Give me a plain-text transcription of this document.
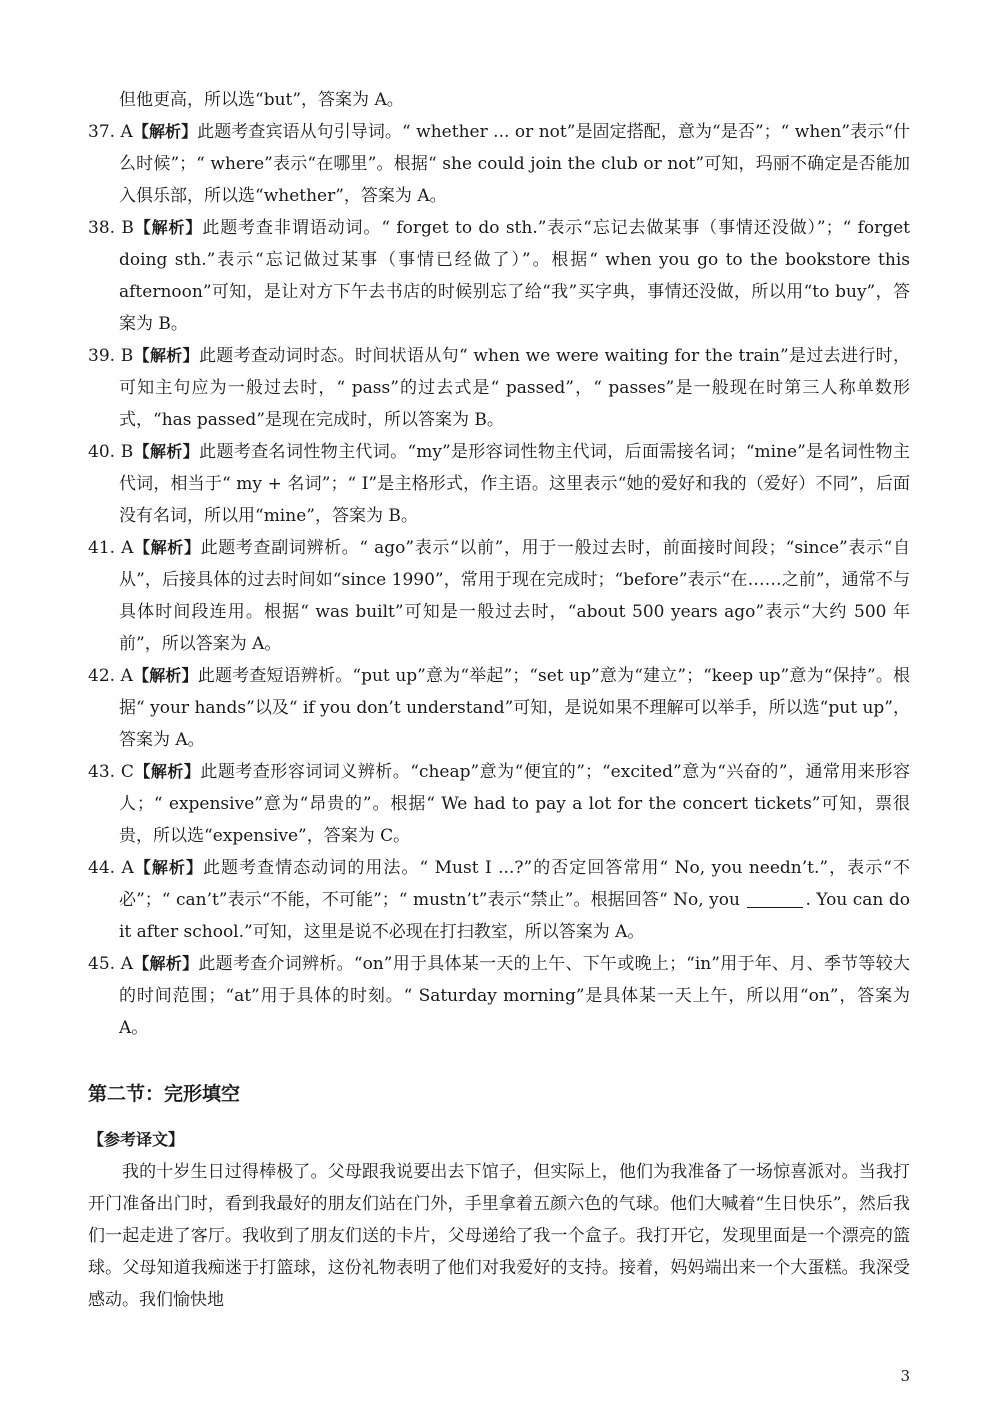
但他更高，所以选“but”，答案为 A。

37. A【解析】此题考查宾语从句引导词。“ whether ... or not”是固定搭配，意为“是否”；“ when”表示“什么时候”；“ where”表示“在哪里”。根据“ she could join the club or not”可知，玛丽不确定是否能加入俱乐部，所以选“whether”，答案为 A。

38. B【解析】此题考查非谓语动词。“ forget to do sth.”表示“忘记去做某事（事情还没做）”；“ forget doing sth.”表示“忘记做过某事（事情已经做了）”。根据“ when you go to the bookstore this afternoon”可知，是让对方下午去书店的时候别忘了给“我”买字典，事情还没做，所以用“to buy”，答案为 B。

39. B【解析】此题考查动词时态。时间状语从句“ when we were waiting for the train”是过去进行时，可知主句应为一般过去时，“ pass”的过去式是“ passed”，“ passes”是一般现在时第三人称单数形式，“has passed”是现在完成时，所以答案为 B。

40. B【解析】此题考查名词性物主代词。“my”是形容词性物主代词，后面需接名词；“mine”是名词性物主代词，相当于“ my + 名词”；“ I”是主格形式，作主语。这里表示“她的爱好和我的（爱好）不同”，后面没有名词，所以用“mine”，答案为 B。

41. A【解析】此题考查副词辨析。“ ago”表示“以前”，用于一般过去时，前面接时间段；“since”表示“自从”，后接具体的过去时间如“since 1990”，常用于现在完成时；“before”表示“在……之前”，通常不与具体时间段连用。根据“ was built”可知是一般过去时，“about 500 years ago”表示“大约 500 年前”，所以答案为 A。

42. A【解析】此题考查短语辨析。“put up”意为“举起”；“set up”意为“建立”；“keep up”意为“保持”。根据“ your hands”以及“ if you don’t understand”可知，是说如果不理解可以举手，所以选“put up”，答案为 A。

43. C【解析】此题考查形容词词义辨析。“cheap”意为“便宜的”；“excited”意为“兴奋的”，通常用来形容人；“ expensive”意为“昂贵的”。根据“ We had to pay a lot for the concert tickets”可知，票很贵，所以选“expensive”，答案为 C。

44. A【解析】此题考查情态动词的用法。“ Must I ...?”的否定回答常用“ No, you needn’t.”，表示“不必”；“ can’t”表示“不能，不可能”；“ mustn’t”表示“禁止”。根据回答“ No, you	. You can do it after school.”可知，这里是说不必现在打扫教室，所以答案为 A。

45. A【解析】此题考查介词辨析。“on”用于具体某一天的上午、下午或晚上；“in”用于年、月、季节等较大的时间范围；“at”用于具体的时刻。“ Saturday morning”是具体某一天上午，所以用“on”，答案为 A。

第二节：完形填空
【参考译文】

我的十岁生日过得棒极了。父母跟我说要出去下馆子，但实际上，他们为我准备了一场惊喜派对。当我打开门准备出门时，看到我最好的朋友们站在门外，手里拿着五颜六色的气球。他们大喊着“生日快乐”，然后我们一起走进了客厅。我收到了朋友们送的卡片，父母递给了我一个盒子。我打开它，发现里面是一个漂亮的篮球。父母知道我痴迷于打篮球，这份礼物表明了他们对我爱好的支持。接着，妈妈端出来一个大蛋糕。我深受感动。我们愉快地

3
